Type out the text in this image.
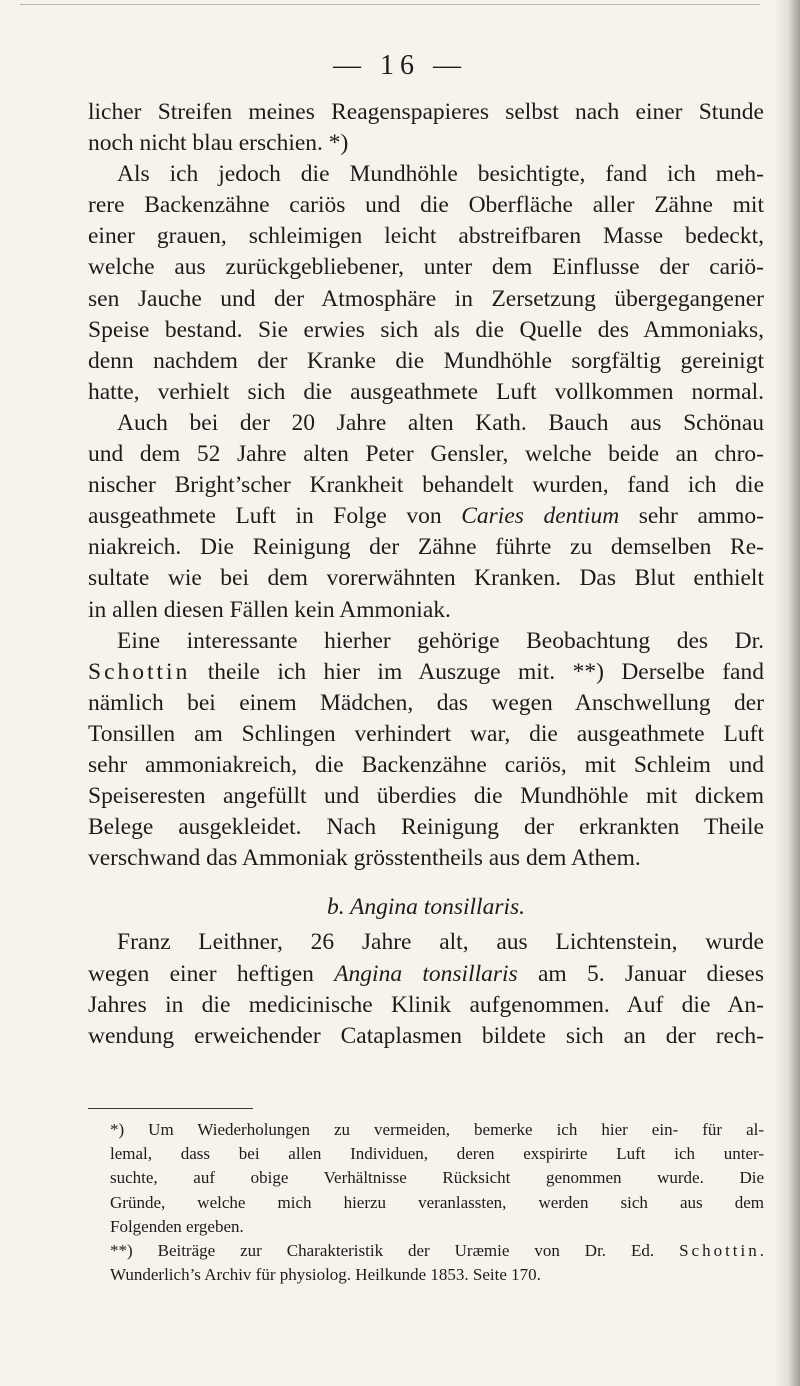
— 16 —
licher Streifen meines Reagenspapieres selbst nach einer Stunde
noch nicht blau erschien. *)
Als ich jedoch die Mundhöhle besichtigte, fand ich meh-
rere Backenzähne cariös und die Oberfläche aller Zähne mit
einer grauen, schleimigen leicht abstreifbaren Masse bedeckt,
welche aus zurückgebliebener, unter dem Einflusse der cariö-
sen Jauche und der Atmosphäre in Zersetzung übergegangener
Speise bestand. Sie erwies sich als die Quelle des Ammoniaks,
denn nachdem der Kranke die Mundhöhle sorgfältig gereinigt
hatte, verhielt sich die ausgeathmete Luft vollkommen normal.
Auch bei der 20 Jahre alten Kath. Bauch aus Schönau
und dem 52 Jahre alten Peter Gensler, welche beide an chro-
nischer Bright’scher Krankheit behandelt wurden, fand ich die
ausgeathmete Luft in Folge von Caries dentium sehr ammo-
niakreich. Die Reinigung der Zähne führte zu demselben Re-
sultate wie bei dem vorerwähnten Kranken. Das Blut enthielt
in allen diesen Fällen kein Ammoniak.
Eine interessante hierher gehörige Beobachtung des Dr.
Schottin theile ich hier im Auszuge mit. **) Derselbe fand
nämlich bei einem Mädchen, das wegen Anschwellung der
Tonsillen am Schlingen verhindert war, die ausgeathmete Luft
sehr ammoniakreich, die Backenzähne cariös, mit Schleim und
Speiseresten angefüllt und überdies die Mundhöhle mit dickem
Belege ausgekleidet. Nach Reinigung der erkrankten Theile
verschwand das Ammoniak grösstentheils aus dem Athem.
b. Angina tonsillaris.
Franz Leithner, 26 Jahre alt, aus Lichtenstein, wurde
wegen einer heftigen Angina tonsillaris am 5. Januar dieses
Jahres in die medicinische Klinik aufgenommen. Auf die An-
wendung erweichender Cataplasmen bildete sich an der rech-
*) Um Wiederholungen zu vermeiden, bemerke ich hier ein- für al-
lemal, dass bei allen Individuen, deren exspirirte Luft ich unter-
suchte, auf obige Verhältnisse Rücksicht genommen wurde. Die
Gründe, welche mich hierzu veranlassten, werden sich aus dem
Folgenden ergeben.
**) Beiträge zur Charakteristik der Uræmie von Dr. Ed. Schottin.
Wunderlich’s Archiv für physiolog. Heilkunde 1853. Seite 170.
